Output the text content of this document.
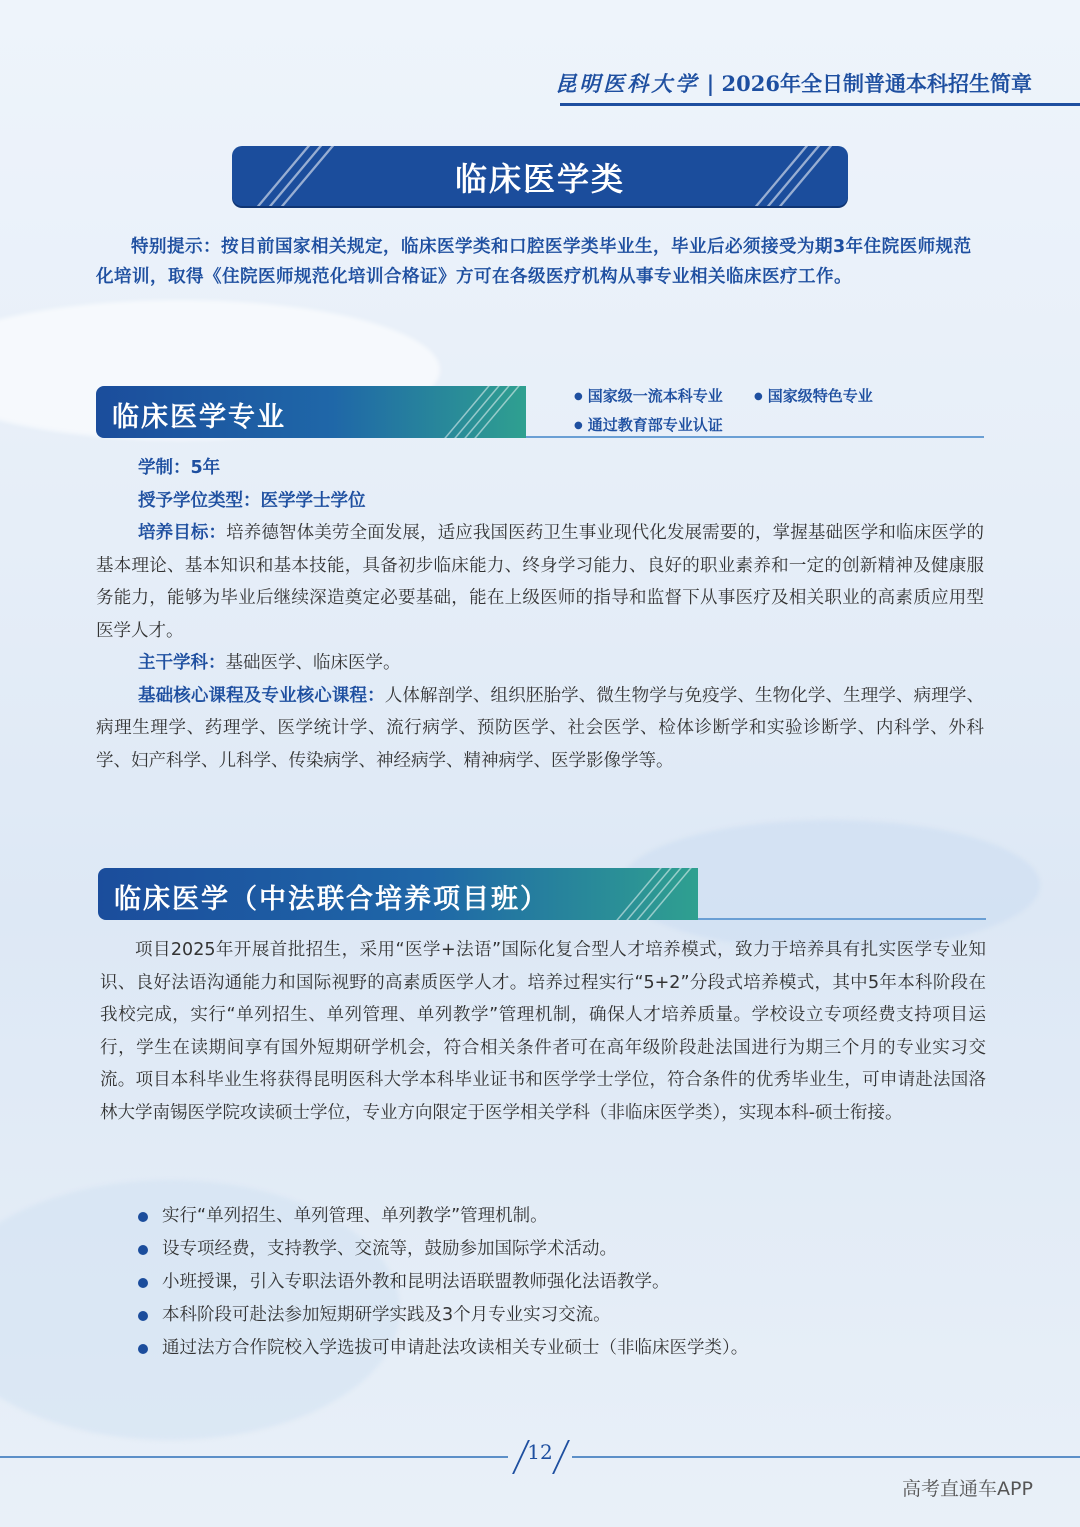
昆明医科大学 | 2026年全日制普通本科招生简章
临床医学类
特别提示：按目前国家相关规定，临床医学类和口腔医学类毕业生，毕业后必须接受为期3年住院医师规范化培训，取得《住院医师规范化培训合格证》方可在各级医疗机构从事专业相关临床医疗工作。
临床医学专业
● 国家级一流本科专业 ●	国家级特色专业
● 通过教育部专业认证

学制：5年

授予学位类型：医学学士学位

培养目标：培养德智体美劳全面发展，适应我国医药卫生事业现代化发展需要的，掌握基础医学和临床医学的基本理论、基本知识和基本技能，具备初步临床能力、终身学习能力、良好的职业素养和一定的创新精神及健康服务能力，能够为毕业后继续深造奠定必要基础，能在上级医师的指导和监督下从事医疗及相关职业的高素质应用型医学人才。

主干学科：基础医学、临床医学。

基础核心课程及专业核心课程：人体解剖学、组织胚胎学、微生物学与免疫学、生物化学、生理学、病理学、病理生理学、药理学、医学统计学、流行病学、预防医学、社会医学、检体诊断学和实验诊断学、内科学、外科学、妇产科学、儿科学、传染病学、神经病学、精神病学、医学影像学等。

临床医学（中法联合培养项目班）
项目2025年开展首批招生，采用“医学+法语”国际化复合型人才培养模式，致力于培养具有扎实医学专业知识、良好法语沟通能力和国际视野的高素质医学人才。培养过程实行“5+2”分段式培养模式，其中5年本科阶段在我校完成，实行“单列招生、单列管理、单列教学”管理机制，确保人才培养质量。学校设立专项经费支持项目运行，学生在读期间享有国外短期研学机会，符合相关条件者可在高年级阶段赴法国进行为期三个月的专业实习交流。项目本科毕业生将获得昆明医科大学本科毕业证书和医学学士学位，符合条件的优秀毕业生，可申请赴法国洛林大学南锡医学院攻读硕士学位，专业方向限定于医学相关学科（非临床医学类），实现本科-硕士衔接。
实行“单列招生、单列管理、单列教学”管理机制。
设专项经费，支持教学、交流等，鼓励参加国际学术活动。
小班授课，引入专职法语外教和昆明法语联盟教师强化法语教学。
本科阶段可赴法参加短期研学实践及3个月专业实习交流。
通过法方合作院校入学选拔可申请赴法攻读相关专业硕士（非临床医学类）。
12
高考直通车APP
